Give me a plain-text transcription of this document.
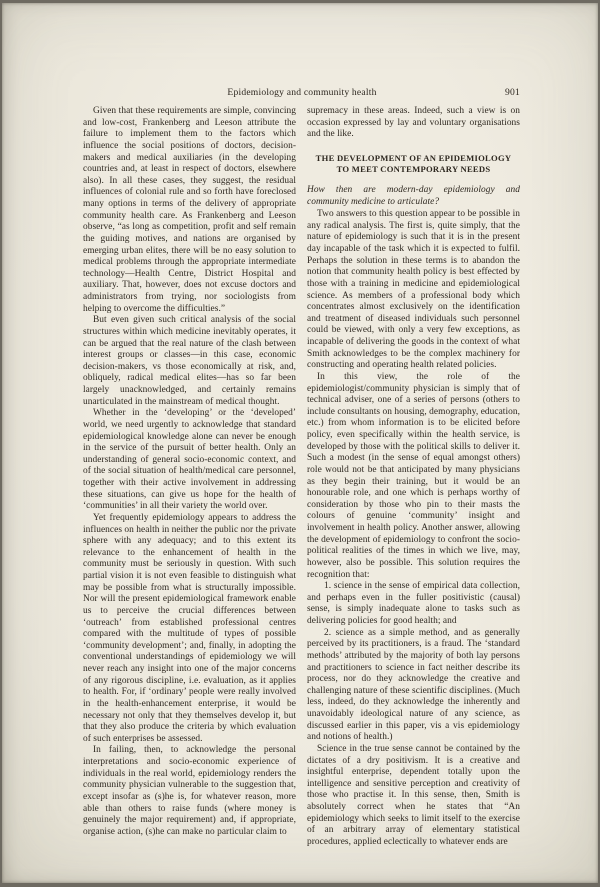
Epidemiology and community health	901

Given that these requirements are simple, convincing and low-cost, Frankenberg and Leeson attribute the failure to implement them to the factors which influence the social positions of doctors, decision-makers and medical auxiliaries (in the developing countries and, at least in respect of doctors, elsewhere also). In all these cases, they suggest, the residual influences of colonial rule and so forth have foreclosed many options in terms of the delivery of appropriate community health care. As Frankenberg and Leeson observe, “as long as competition, profit and self remain the guiding motives, and nations are organised by emerging urban elites, there will be no easy solution to medical problems through the appropriate intermediate technology—Health Centre, District Hospital and auxiliary. That, however, does not excuse doctors and administrators from trying, nor sociologists from helping to overcome the difficulties.”

But even given such critical analysis of the social structures within which medicine inevitably operates, it can be argued that the real nature of the clash between interest groups or classes—in this case, economic decision-makers, vs those economically at risk, and, obliquely, radical medical elites—has so far been largely unacknowledged, and certainly remains unarticulated in the mainstream of medical thought.

Whether in the ‘developing’ or the ‘developed’ world, we need urgently to acknowledge that standard epidemiological knowledge alone can never be enough in the service of the pursuit of better health. Only an understanding of general socio-economic context, and of the social situation of health/medical care personnel, together with their active involvement in addressing these situations, can give us hope for the health of ‘communities’ in all their variety the world over.

Yet frequently epidemiology appears to address the influences on health in neither the public nor the private sphere with any adequacy; and to this extent its relevance to the enhancement of health in the community must be seriously in question. With such partial vision it is not even feasible to distinguish what may be possible from what is structurally impossible. Nor will the present epidemiological framework enable us to perceive the crucial differences between ‘outreach’ from established professional centres compared with the multitude of types of possible ‘community development’; and, finally, in adopting the conventional understandings of epidemiology we will never reach any insight into one of the major concerns of any rigorous discipline, i.e. evaluation, as it applies to health. For, if ‘ordinary’ people were really involved in the health-enhancement enterprise, it would be necessary not only that they themselves develop it, but that they also produce the criteria by which evaluation of such enterprises be assessed.

In failing, then, to acknowledge the personal interpretations and socio-economic experience of individuals in the real world, epidemiology renders the community physician vulnerable to the suggestion that, except insofar as (s)he is, for whatever reason, more able than others to raise funds (where money is genuinely the major requirement) and, if appropriate, organise action, (s)he can make no particular claim to

supremacy in these areas. Indeed, such a view is on occasion expressed by lay and voluntary organisations and the like.

THE DEVELOPMENT OF AN EPIDEMIOLOGY
TO MEET CONTEMPORARY NEEDS

How then are modern-day epidemiology and community medicine to articulate?

Two answers to this question appear to be possible in any radical analysis. The first is, quite simply, that the nature of epidemiology is such that it is in the present day incapable of the task which it is expected to fulfil. Perhaps the solution in these terms is to abandon the notion that community health policy is best effected by those with a training in medicine and epidemiological science. As members of a professional body which concentrates almost exclusively on the identification and treatment of diseased individuals such personnel could be viewed, with only a very few exceptions, as incapable of delivering the goods in the context of what Smith acknowledges to be the complex machinery for constructing and operating health related policies.

In this view, the role of the epidemiologist/community physician is simply that of technical adviser, one of a series of persons (others to include consultants on housing, demography, education, etc.) from whom information is to be elicited before policy, even specifically within the health service, is developed by those with the political skills to deliver it. Such a modest (in the sense of equal amongst others) role would not be that anticipated by many physicians as they begin their training, but it would be an honourable role, and one which is perhaps worthy of consideration by those who pin to their masts the colours of genuine ‘community’ insight and involvement in health policy. Another answer, allowing the development of epidemiology to confront the socio-political realities of the times in which we live, may, however, also be possible. This solution requires the recognition that:

1. science in the sense of empirical data collection, and perhaps even in the fuller positivistic (causal) sense, is simply inadequate alone to tasks such as delivering policies for good health; and

2. science as a simple method, and as generally perceived by its practitioners, is a fraud. The ‘standard methods’ attributed by the majority of both lay persons and practitioners to science in fact neither describe its process, nor do they acknowledge the creative and challenging nature of these scientific disciplines. (Much less, indeed, do they acknowledge the inherently and unavoidably ideological nature of any science, as discussed earlier in this paper, vis a vis epidemiology and notions of health.)

Science in the true sense cannot be contained by the dictates of a dry positivism. It is a creative and insightful enterprise, dependent totally upon the intelligence and sensitive perception and creativity of those who practise it. In this sense, then, Smith is absolutely correct when he states that “An epidemiology which seeks to limit itself to the exercise of an arbitrary array of elementary statistical procedures, applied eclectically to whatever ends are
